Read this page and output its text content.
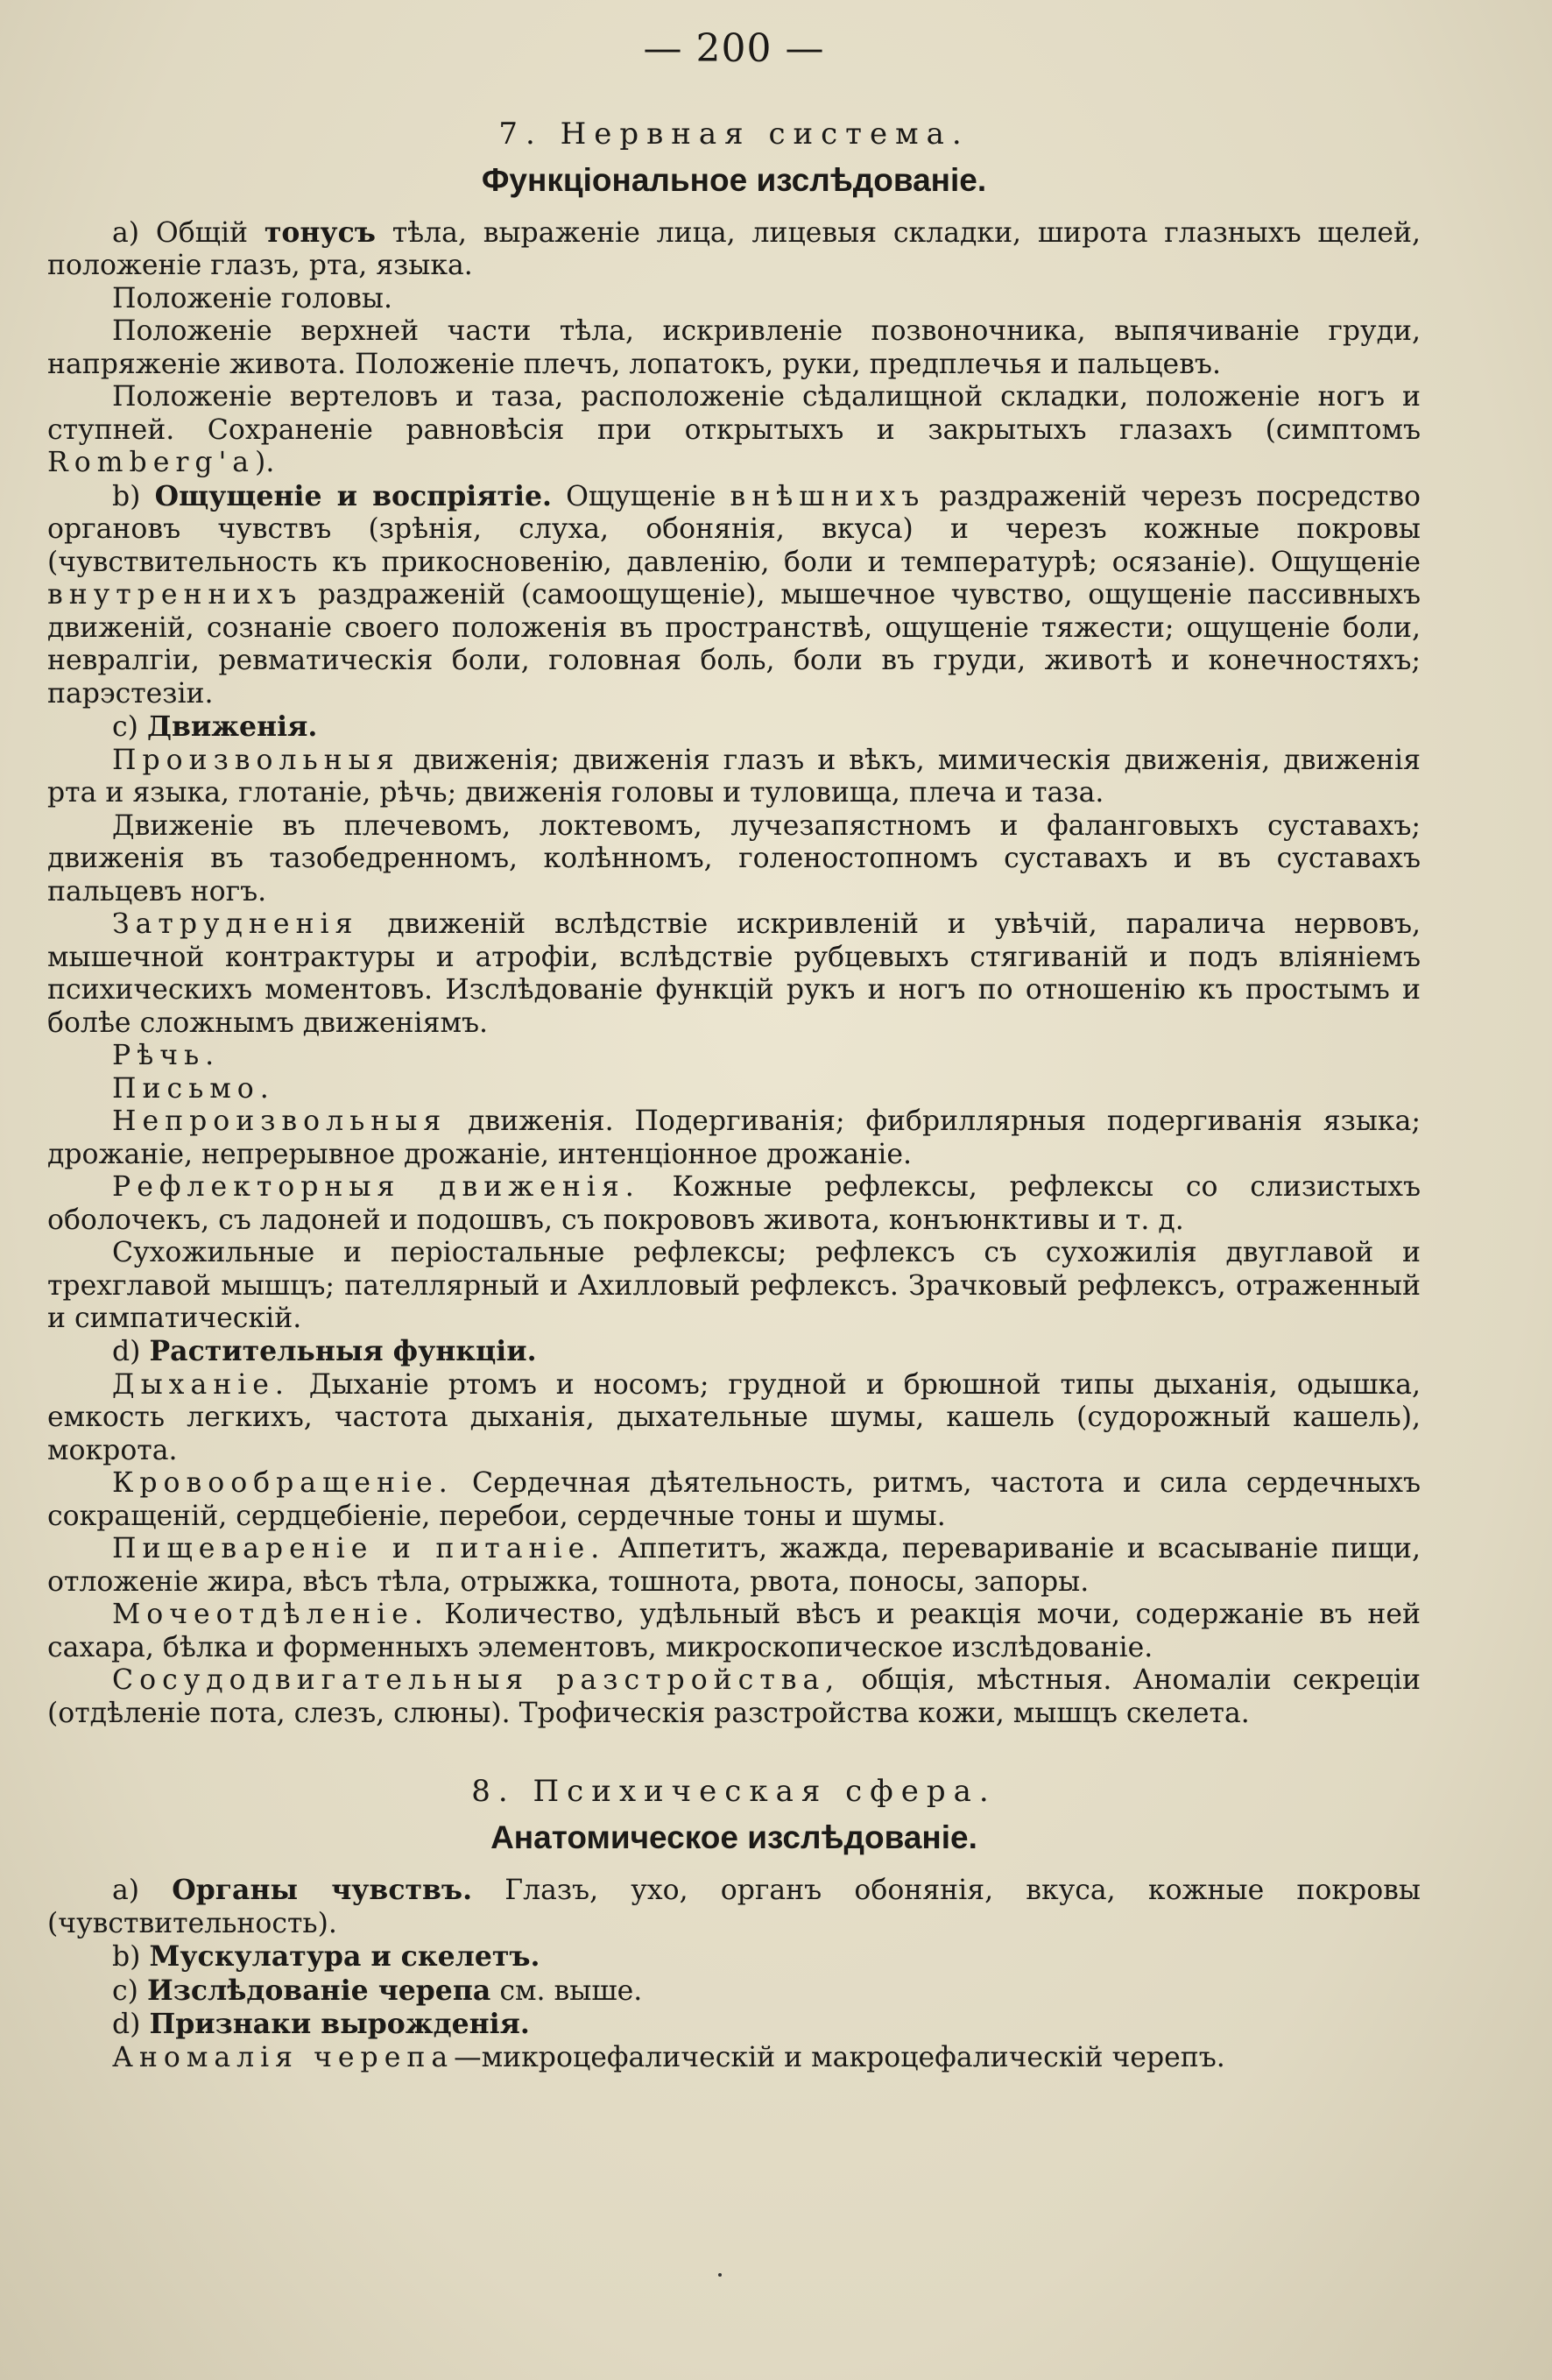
— 200 —
7. Нервная система.
Функціональное изслѣдованіе.

а) Общій тонусъ тѣла, выраженіе лица, лицевыя складки, широта глазныхъ щелей, положеніе глазъ, рта, языка.

Положеніе головы.

Положеніе верхней части тѣла, искривленіе позвоночника, выпячиваніе груди, напряженіе живота. Положеніе плечъ, лопатокъ, руки, предплечья и пальцевъ.

Положеніе вертеловъ и таза, расположеніе сѣдалищной складки, положеніе ногъ и ступней. Сохраненіе равновѣсія при открытыхъ и закрытыхъ глазахъ (симптомъ Romberg'a).

b) Ощущеніе и воспріятіе. Ощущеніе внѣшнихъ раздраженій черезъ посредство органовъ чувствъ (зрѣнія, слуха, обонянія, вкуса) и черезъ кожные покровы (чувствительность къ прикосновенію, давленію, боли и температурѣ; осязаніе). Ощущеніе внутреннихъ раздраженій (самоощущеніе), мышечное чувство, ощущеніе пассивныхъ движеній, сознаніе своего положенія въ пространствѣ, ощущеніе тяжести; ощущеніе боли, невралгіи, ревматическія боли, головная боль, боли въ груди, животѣ и конечностяхъ; парэстезіи.

с) Движенія.

Произвольныя движенія; движенія глазъ и вѣкъ, мимическія движенія, движенія рта и языка, глотаніе, рѣчь; движенія головы и туловища, плеча и таза.

Движеніе въ плечевомъ, локтевомъ, лучезапястномъ и фаланговыхъ суставахъ; движенія въ тазобедренномъ, колѣнномъ, голеностопномъ суставахъ и въ суставахъ пальцевъ ногъ.

Затрудненія движеній вслѣдствіе искривленій и увѣчій, паралича нервовъ, мышечной контрактуры и атрофіи, вслѣдствіе рубцевыхъ стягиваній и подъ вліяніемъ психическихъ моментовъ. Изслѣдованіе функцій рукъ и ногъ по отношенію къ простымъ и болѣе сложнымъ движеніямъ.

Рѣчь.

Письмо.

Непроизвольныя движенія. Подергиванія; фибриллярныя подергиванія языка; дрожаніе, непрерывное дрожаніе, интенціонное дрожаніе.

Рефлекторныя движенія. Кожные рефлексы, рефлексы со слизистыхъ оболочекъ, съ ладоней и подошвъ, съ покрововъ живота, конъюнктивы и т. д.

Сухожильные и періостальные рефлексы; рефлексъ съ сухожилія двуглавой и трехглавой мышцъ; пателлярный и Ахилловый рефлексъ. Зрачковый рефлексъ, отраженный и симпатическій.

d) Растительныя функціи.

Дыханіе. Дыханіе ртомъ и носомъ; грудной и брюшной типы дыханія, одышка, емкость легкихъ, частота дыханія, дыхательные шумы, кашель (судорожный кашель), мокрота.

Кровообращеніе. Сердечная дѣятельность, ритмъ, частота и сила сердечныхъ сокращеній, сердцебіеніе, перебои, сердечные тоны и шумы.

Пищевареніе и питаніе. Аппетитъ, жажда, перевариваніе и всасываніе пищи, отложеніе жира, вѣсъ тѣла, отрыжка, тошнота, рвота, поносы, запоры.

Мочеотдѣленіе. Количество, удѣльный вѣсъ и реакція мочи, содержаніе въ ней сахара, бѣлка и форменныхъ элементовъ, микроскопическое изслѣдованіе.

Сосудодвигательныя разстройства, общія, мѣстныя. Аномаліи секреціи (отдѣленіе пота, слезъ, слюны). Трофическія разстройства кожи, мышцъ скелета.

8. Психическая сфера.
Анатомическое изслѣдованіе.

а) Органы чувствъ. Глазъ, ухо, органъ обонянія, вкуса, кожные покровы (чувствительность).

b) Мускулатура и скелетъ.

с) Изслѣдованіе черепа см. выше.

d) Признаки вырожденія.

Аномалія черепа—микроцефалическій и макроцефалическій черепъ.
